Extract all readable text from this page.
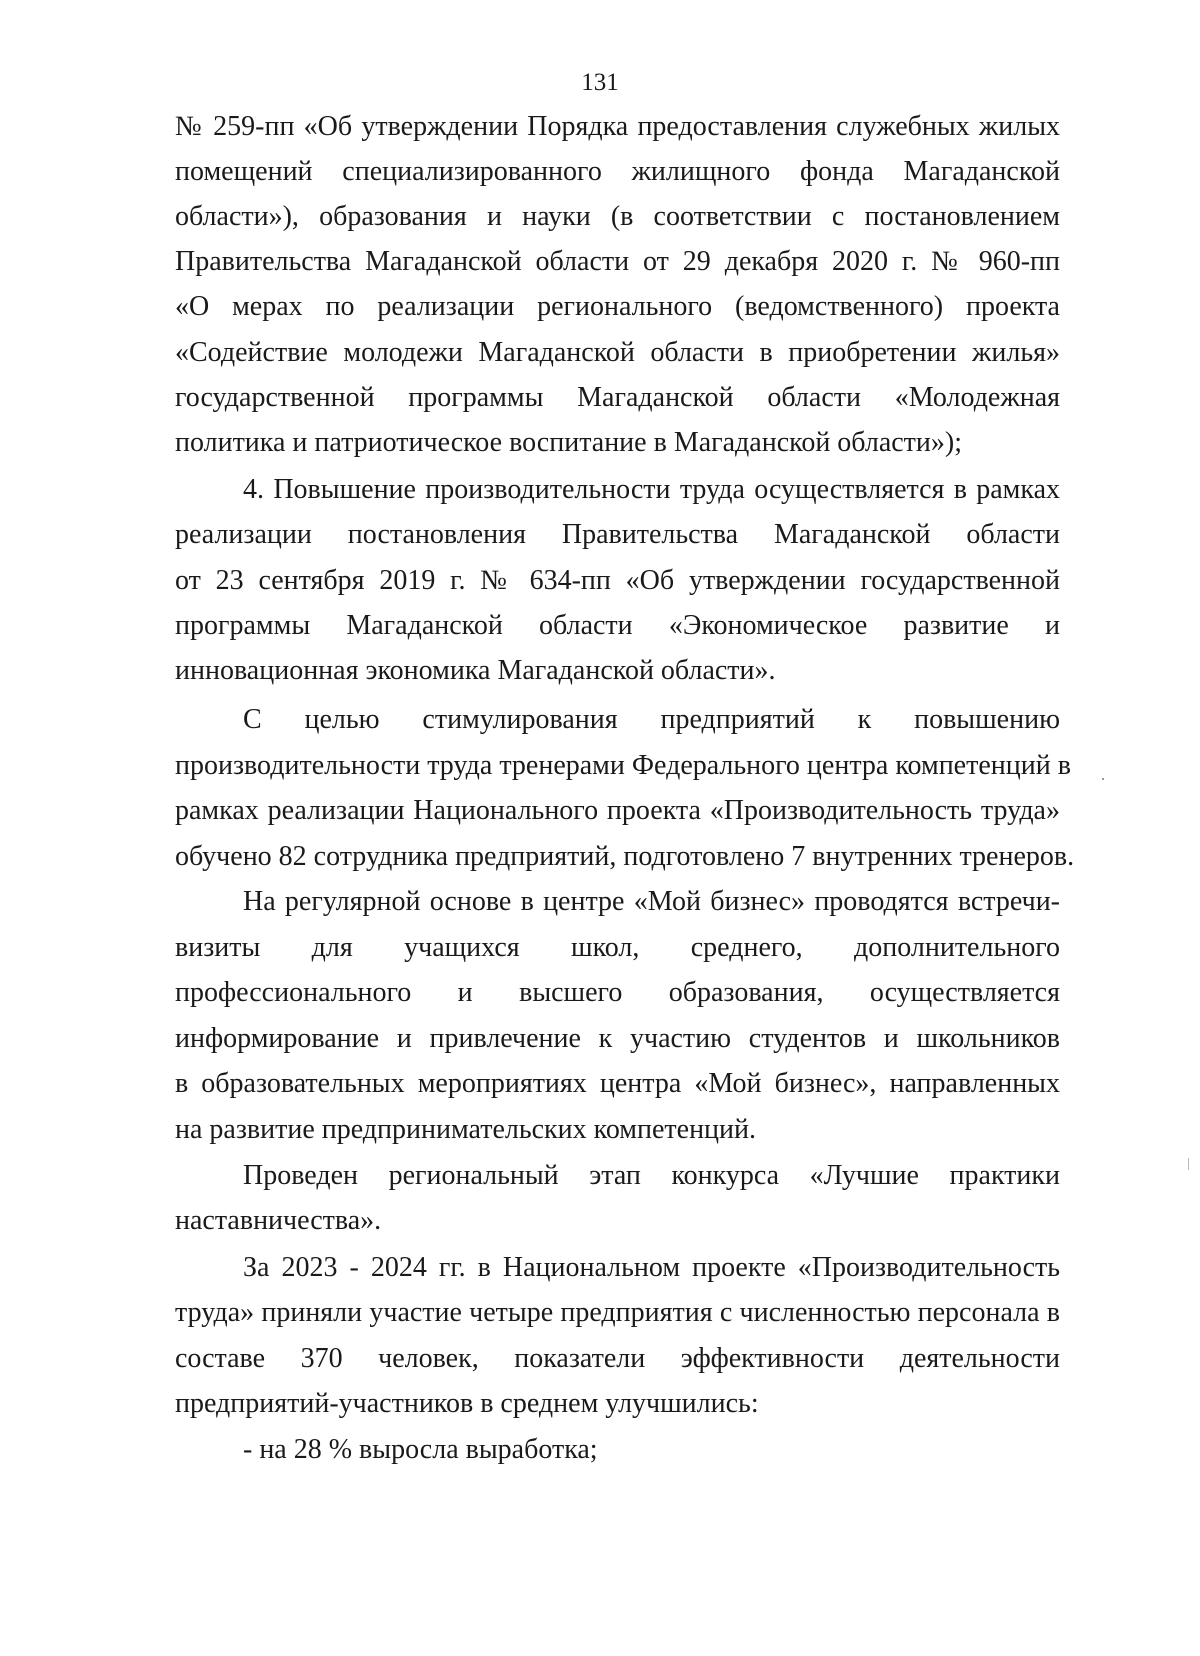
131
№ 259-пп «Об утверждении Порядка предоставления служебных жилых
помещений специализированного жилищного фонда Магаданской
области»), образования и науки (в соответствии с постановлением
Правительства Магаданской области от 29 декабря 2020 г. № 960-пп
«О мерах по реализации регионального (ведомственного) проекта
«Содействие молодежи Магаданской области в приобретении жилья»
государственной программы Магаданской области «Молодежная
политика и патриотическое воспитание в Магаданской области»);
4. Повышение производительности труда осуществляется в рамках
реализации постановления Правительства Магаданской области
от 23 сентября 2019 г. № 634-пп «Об утверждении государственной
программы Магаданской области «Экономическое развитие и
инновационная экономика Магаданской области».
С целью стимулирования предприятий к повышению
производительности труда тренерами Федерального центра компетенций в
рамках реализации Национального проекта «Производительность труда»
обучено 82 сотрудника предприятий, подготовлено 7 внутренних тренеров.
На регулярной основе в центре «Мой бизнес» проводятся встречи-
визиты для учащихся школ, среднего, дополнительного
профессионального и высшего образования, осуществляется
информирование и привлечение к участию студентов и школьников
в образовательных мероприятиях центра «Мой бизнес», направленных
на развитие предпринимательских компетенций.
Проведен региональный этап конкурса «Лучшие практики
наставничества».
За 2023 - 2024 гг. в Национальном проекте «Производительность
труда» приняли участие четыре предприятия с численностью персонала в
составе 370 человек, показатели эффективности деятельности
предприятий-участников в среднем улучшились:
- на 28 % выросла выработка;
